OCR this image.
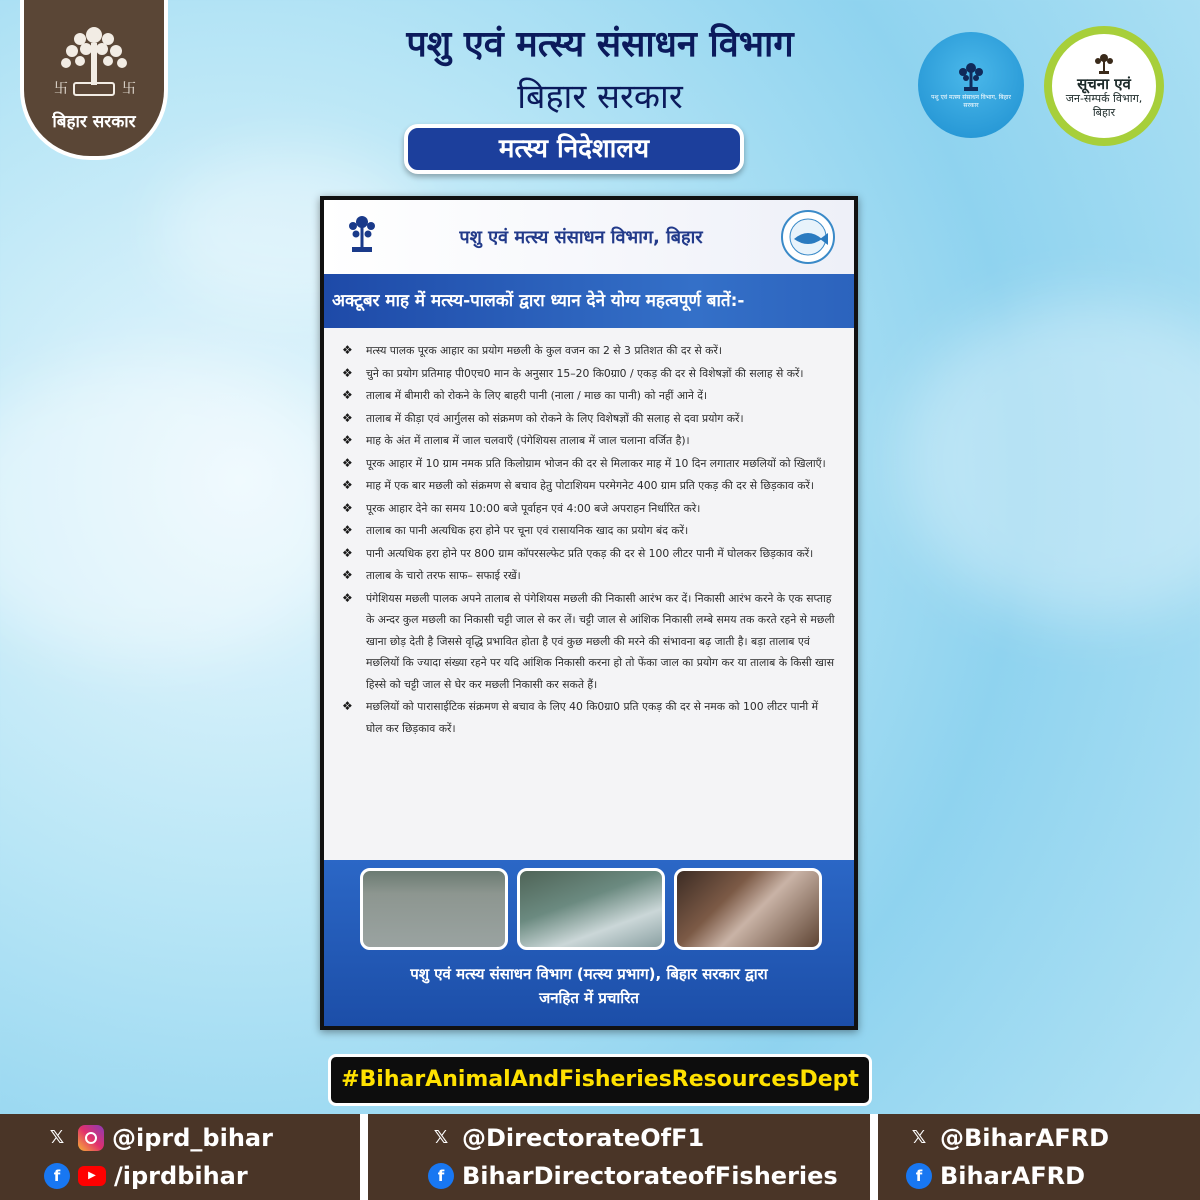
卐	卐
बिहार सरकार
पशु एवं मत्स्य संसाधन विभाग
बिहार सरकार
मत्स्य निदेशालय
पशु एवं मत्स्य संसाधन विभाग, बिहार सरकार
सूचना एवं
जन-सम्पर्क विभाग,
बिहार
पशु एवं मत्स्य संसाधन विभाग, बिहार
अक्टूबर माह में मत्स्य-पालकों द्वारा ध्यान देने योग्य महत्वपूर्ण बातें:-
❖ मत्स्य पालक पूरक आहार का प्रयोग मछली के कुल वजन का 2 से 3 प्रतिशत की दर से करें।
❖ चुने का प्रयोग प्रतिमाह पी0एच0 मान के अनुसार 15–20 कि0ग्रा0 / एकड़ की दर से विशेषज्ञों की सलाह से करें।
❖ तालाब में बीमारी को रोकने के लिए बाहरी पानी (नाला / माछ का पानी) को नहीं आने दें।
❖ तालाब में कीड़ा एवं आर्गुलस को संक्रमण को रोकने के लिए विशेषज्ञों की सलाह से दवा प्रयोग करें।
❖ माह के अंत में तालाब में जाल चलवाएँ (पंगेशियस तालाब में जाल चलाना वर्जित है)।
❖ पूरक आहार में 10 ग्राम नमक प्रति किलोग्राम भोजन की दर से मिलाकर माह में 10 दिन लगातार मछलियों को खिलाएँ।
❖ माह में एक बार मछली को संक्रमण से बचाव हेतु पोटाशियम परमेगनेट 400 ग्राम प्रति एकड़ की दर से छिड़काव करें।
❖ पूरक आहार देने का समय 10:00 बजे पूर्वाहन एवं 4:00 बजे अपराहन निर्धारित करे।
❖ तालाब का पानी अत्यधिक हरा होने पर चूना एवं रासायनिक खाद का प्रयोग बंद करें।
❖ पानी अत्यधिक हरा होने पर 800 ग्राम कॉपरसल्फेट प्रति एकड़ की दर से 100 लीटर पानी में घोलकर छिड़काव करें।
❖ तालाब के चारो तरफ साफ– सफाई रखें।
❖ पंगेशियस मछली पालक अपने तालाब से पंगेशियस मछली की निकासी आरंभ कर दें। निकासी आरंभ करने के एक सप्ताह के अन्दर कुल मछली का निकासी चट्टी जाल से कर लें। चट्टी जाल से आंशिक निकासी लम्बे समय तक करते रहने से मछली खाना छोड़ देती है जिससे वृद्धि प्रभावित होता है एवं कुछ मछली की मरने की संभावना बढ़ जाती है। बड़ा तालाब एवं मछलियों कि ज्यादा संख्या रहने पर यदि आंशिक निकासी करना हो तो फेंका जाल का प्रयोग कर या तालाब के किसी खास हिस्से को चट्टी जाल से घेर कर मछली निकासी कर सकते हैं।
❖ मछलियों को पारासाईटिक संक्रमण से बचाव के लिए 40 कि0ग्रा0 प्रति एकड़ की दर से नमक को 100 लीटर पानी में घोल कर छिड़काव करें।
पशु एवं मत्स्य संसाधन विभाग (मत्स्य प्रभाग), बिहार सरकार द्वारा
जनहित में प्रचारित
#BiharAnimalAndFisheriesResourcesDept
𝕏 @iprd_bihar
f	▶ /iprdbihar
𝕏 @DirectorateOfF1
f BiharDirectorateofFisheries
𝕏 @BiharAFRD
f BiharAFRD
